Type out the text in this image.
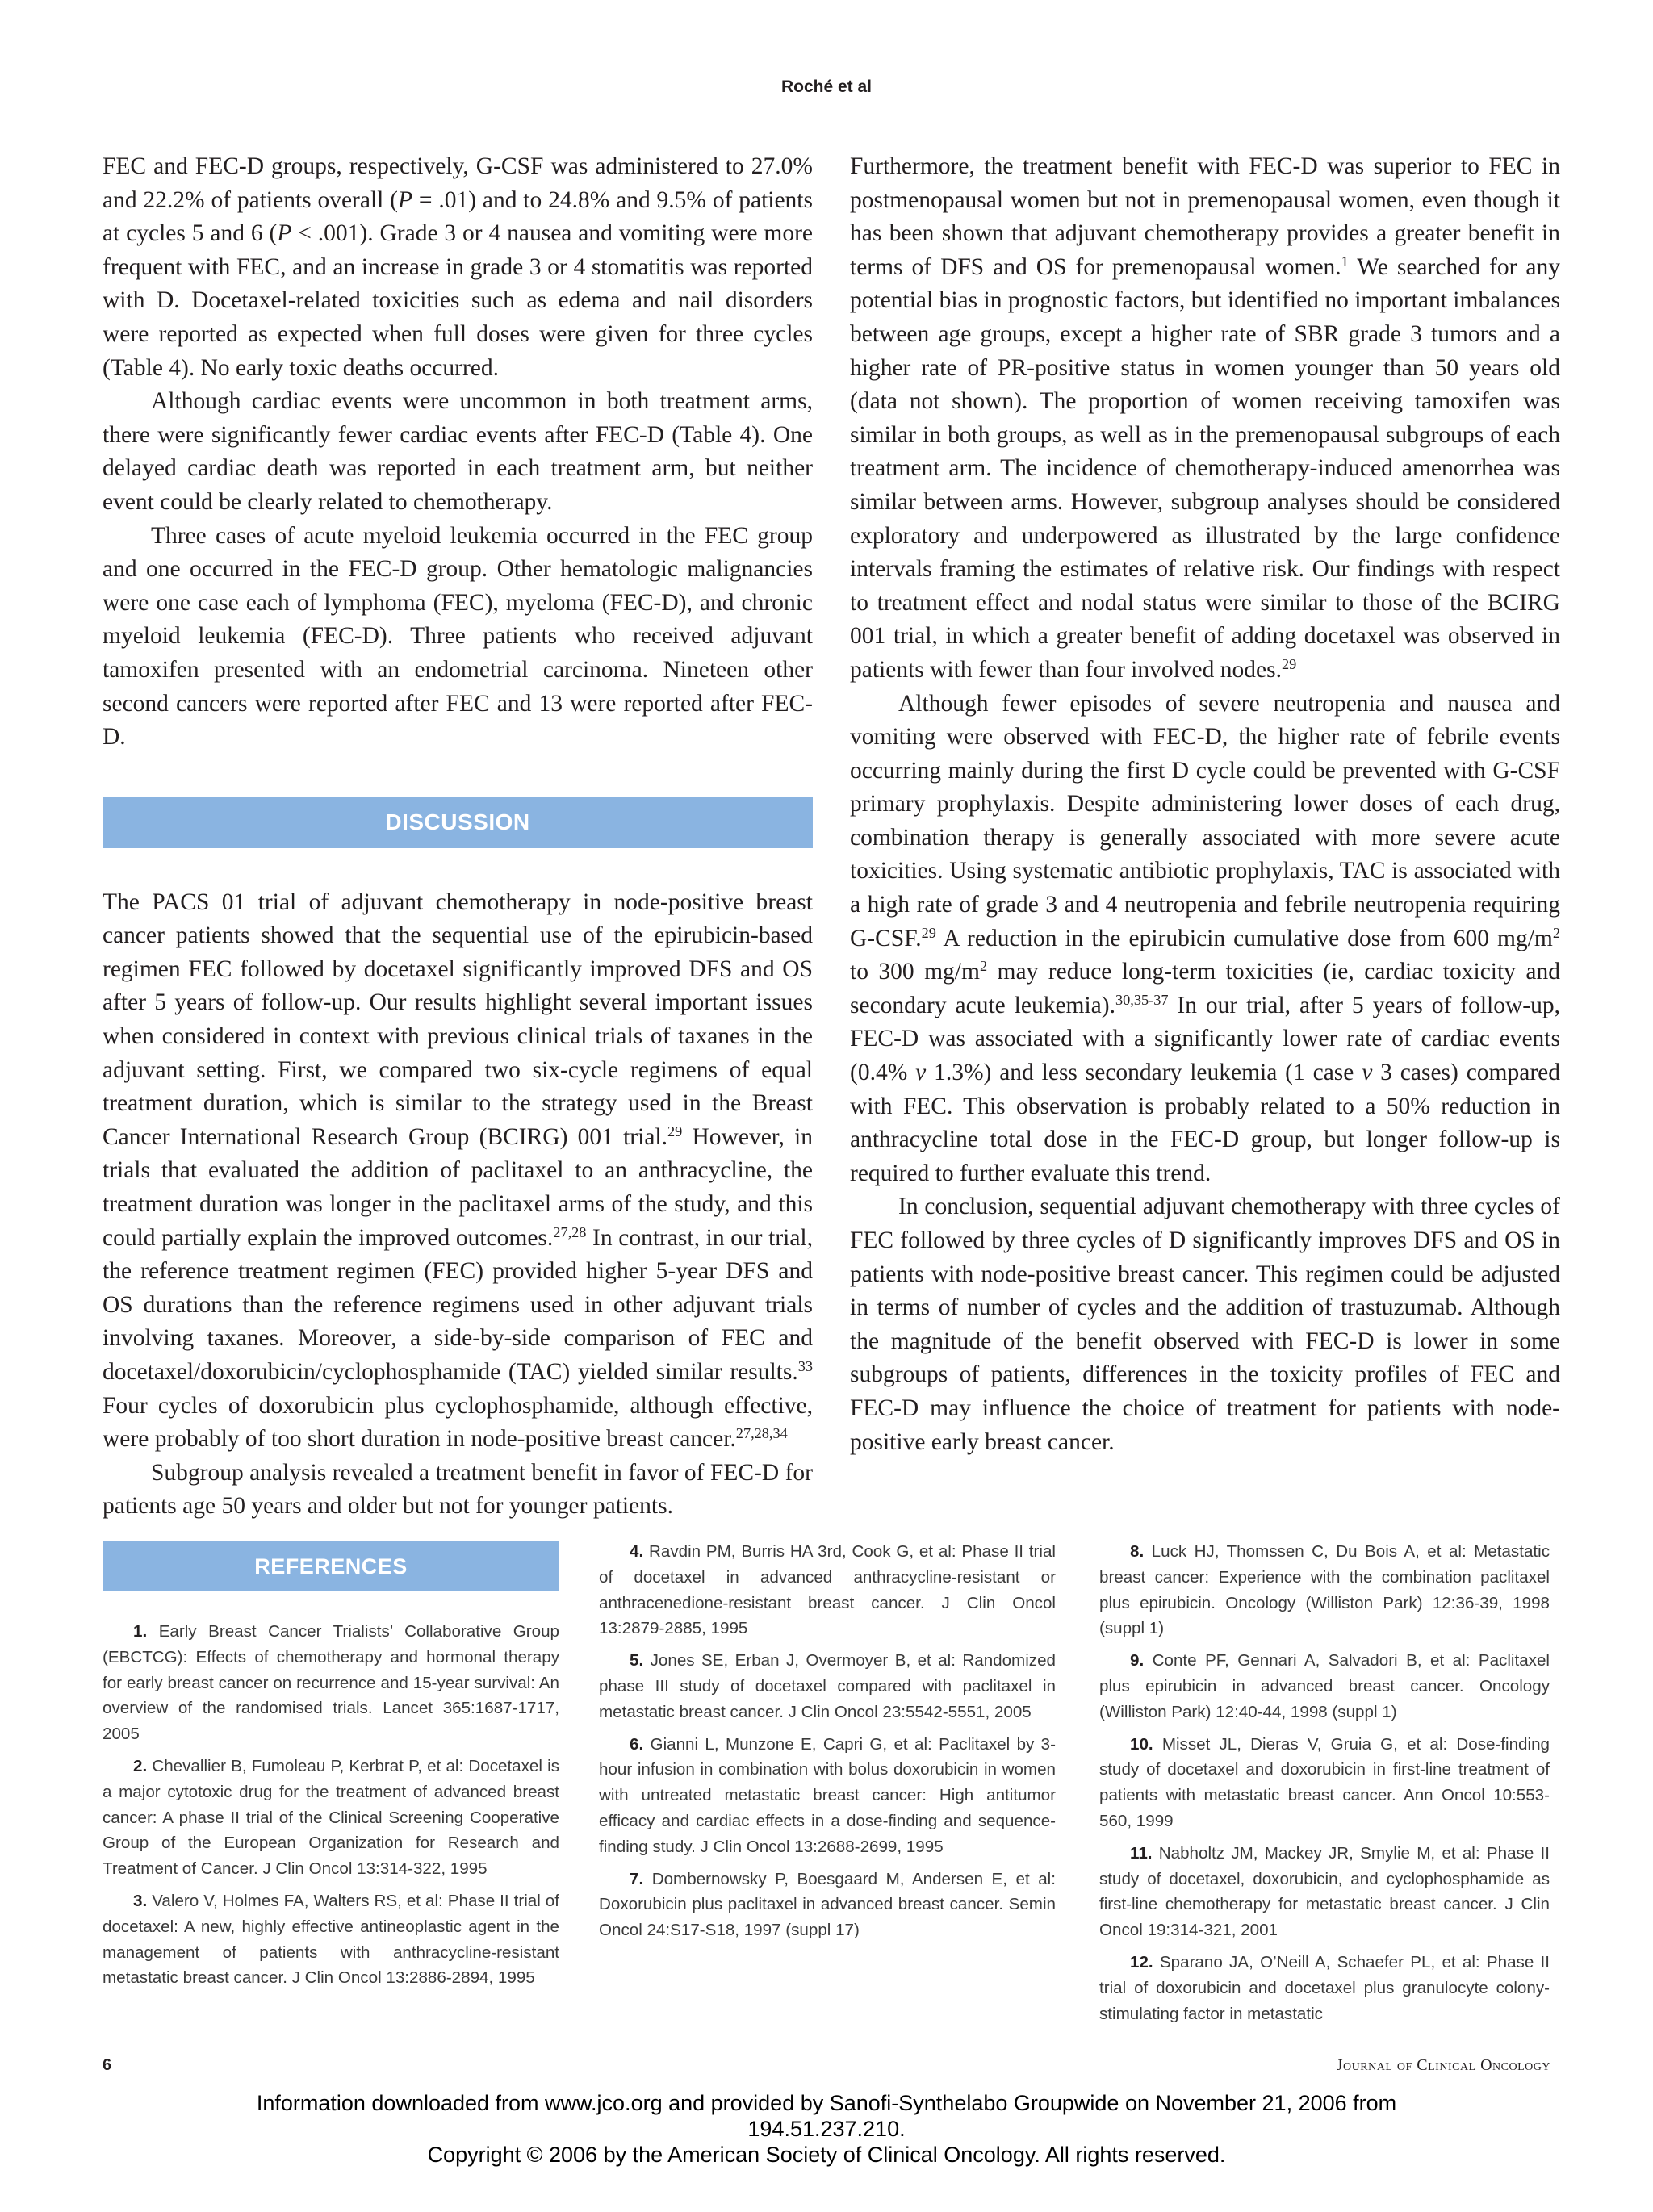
Roché et al

FEC and FEC-D groups, respectively, G-CSF was administered to 27.0% and 22.2% of patients overall (P = .01) and to 24.8% and 9.5% of patients at cycles 5 and 6 (P < .001). Grade 3 or 4 nausea and vomiting were more frequent with FEC, and an increase in grade 3 or 4 stomatitis was reported with D. Docetaxel-related toxicities such as edema and nail disorders were reported as expected when full doses were given for three cycles (Table 4). No early toxic deaths occurred.

Although cardiac events were uncommon in both treatment arms, there were significantly fewer cardiac events after FEC-D (Table 4). One delayed cardiac death was reported in each treatment arm, but neither event could be clearly related to chemotherapy.

Three cases of acute myeloid leukemia occurred in the FEC group and one occurred in the FEC-D group. Other hematologic malignancies were one case each of lymphoma (FEC), myeloma (FEC-D), and chronic myeloid leukemia (FEC-D). Three patients who received adjuvant tamoxifen presented with an endometrial carcinoma. Nineteen other second cancers were reported after FEC and 13 were reported after FEC-D.

DISCUSSION

The PACS 01 trial of adjuvant chemotherapy in node-positive breast cancer patients showed that the sequential use of the epirubicin-based regimen FEC followed by docetaxel significantly improved DFS and OS after 5 years of follow-up. Our results highlight several important issues when considered in context with previous clinical trials of taxanes in the adjuvant setting. First, we compared two six-cycle regimens of equal treatment duration, which is similar to the strategy used in the Breast Cancer International Research Group (BCIRG) 001 trial.$^{29}$ However, in trials that evaluated the addition of paclitaxel to an anthracycline, the treatment duration was longer in the paclitaxel arms of the study, and this could partially explain the improved outcomes.$^{27,28}$ In contrast, in our trial, the reference treatment regimen (FEC) provided higher 5-year DFS and OS durations than the reference regimens used in other adjuvant trials involving taxanes. Moreover, a side-by-side comparison of FEC and docetaxel/doxorubicin/cyclophosphamide (TAC) yielded similar results.$^{33}$ Four cycles of doxorubicin plus cyclophosphamide, although effective, were probably of too short duration in node-positive breast cancer.$^{27,28,34}$

Subgroup analysis revealed a treatment benefit in favor of FEC-D for patients age 50 years and older but not for younger patients.

Furthermore, the treatment benefit with FEC-D was superior to FEC in postmenopausal women but not in premenopausal women, even though it has been shown that adjuvant chemotherapy provides a greater benefit in terms of DFS and OS for premenopausal women.$^1$ We searched for any potential bias in prognostic factors, but identified no important imbalances between age groups, except a higher rate of SBR grade 3 tumors and a higher rate of PR-positive status in women younger than 50 years old (data not shown). The proportion of women receiving tamoxifen was similar in both groups, as well as in the premenopausal subgroups of each treatment arm. The incidence of chemotherapy-induced amenorrhea was similar between arms. However, subgroup analyses should be considered exploratory and underpowered as illustrated by the large confidence intervals framing the estimates of relative risk. Our findings with respect to treatment effect and nodal status were similar to those of the BCIRG 001 trial, in which a greater benefit of adding docetaxel was observed in patients with fewer than four involved nodes.$^{29}$

Although fewer episodes of severe neutropenia and nausea and vomiting were observed with FEC-D, the higher rate of febrile events occurring mainly during the first D cycle could be prevented with G-CSF primary prophylaxis. Despite administering lower doses of each drug, combination therapy is generally associated with more severe acute toxicities. Using systematic antibiotic prophylaxis, TAC is associated with a high rate of grade 3 and 4 neutropenia and febrile neutropenia requiring G-CSF.$^{29}$ A reduction in the epirubicin cumulative dose from 600 $mg/m^2$ to 300 $mg/m^2$ may reduce long-term toxicities (ie, cardiac toxicity and secondary acute leukemia).$^{30,35-37}$ In our trial, after 5 years of follow-up, FEC-D was associated with a significantly lower rate of cardiac events (0.4% v 1.3%) and less secondary leukemia (1 case v 3 cases) compared with FEC. This observation is probably related to a 50% reduction in anthracycline total dose in the FEC-D group, but longer follow-up is required to further evaluate this trend.

In conclusion, sequential adjuvant chemotherapy with three cycles of FEC followed by three cycles of D significantly improves DFS and OS in patients with node-positive breast cancer. This regimen could be adjusted in terms of number of cycles and the addition of trastuzumab. Although the magnitude of the benefit observed with FEC-D is lower in some subgroups of patients, differences in the toxicity profiles of FEC and FEC-D may influence the choice of treatment for patients with node-positive early breast cancer.

REFERENCES

1. Early Breast Cancer Trialists’ Collaborative Group (EBCTCG): Effects of chemotherapy and hormonal therapy for early breast cancer on recurrence and 15-year survival: An overview of the randomised trials. Lancet 365:1687-1717, 2005

2. Chevallier B, Fumoleau P, Kerbrat P, et al: Docetaxel is a major cytotoxic drug for the treatment of advanced breast cancer: A phase II trial of the Clinical Screening Cooperative Group of the European Organization for Research and Treatment of Cancer. J Clin Oncol 13:314-322, 1995

3. Valero V, Holmes FA, Walters RS, et al: Phase II trial of docetaxel: A new, highly effective antineoplastic agent in the management of patients with anthracycline-resistant metastatic breast cancer. J Clin Oncol 13:2886-2894, 1995

4. Ravdin PM, Burris HA 3rd, Cook G, et al: Phase II trial of docetaxel in advanced anthracycline-resistant or anthracenedione-resistant breast cancer. J Clin Oncol 13:2879-2885, 1995

5. Jones SE, Erban J, Overmoyer B, et al: Randomized phase III study of docetaxel compared with paclitaxel in metastatic breast cancer. J Clin Oncol 23:5542-5551, 2005

6. Gianni L, Munzone E, Capri G, et al: Paclitaxel by 3-hour infusion in combination with bolus doxorubicin in women with untreated metastatic breast cancer: High antitumor efficacy and cardiac effects in a dose-finding and sequence-finding study. J Clin Oncol 13:2688-2699, 1995

7. Dombernowsky P, Boesgaard M, Andersen E, et al: Doxorubicin plus paclitaxel in advanced breast cancer. Semin Oncol 24:S17-S18, 1997 (suppl 17)

8. Luck HJ, Thomssen C, Du Bois A, et al: Metastatic breast cancer: Experience with the combination paclitaxel plus epirubicin. Oncology (Williston Park) 12:36-39, 1998 (suppl 1)

9. Conte PF, Gennari A, Salvadori B, et al: Paclitaxel plus epirubicin in advanced breast cancer. Oncology (Williston Park) 12:40-44, 1998 (suppl 1)

10. Misset JL, Dieras V, Gruia G, et al: Dose-finding study of docetaxel and doxorubicin in first-line treatment of patients with metastatic breast cancer. Ann Oncol 10:553-560, 1999

11. Nabholtz JM, Mackey JR, Smylie M, et al: Phase II study of docetaxel, doxorubicin, and cyclophosphamide as first-line chemotherapy for metastatic breast cancer. J Clin Oncol 19:314-321, 2001

12. Sparano JA, O’Neill A, Schaefer PL, et al: Phase II trial of doxorubicin and docetaxel plus granulocyte colony-stimulating factor in metastatic

6	Journal of Clinical Oncology
Information downloaded from www.jco.org and provided by Sanofi-Synthelabo Groupwide on November 21, 2006 from
194.51.237.210.
Copyright © 2006 by the American Society of Clinical Oncology. All rights reserved.
